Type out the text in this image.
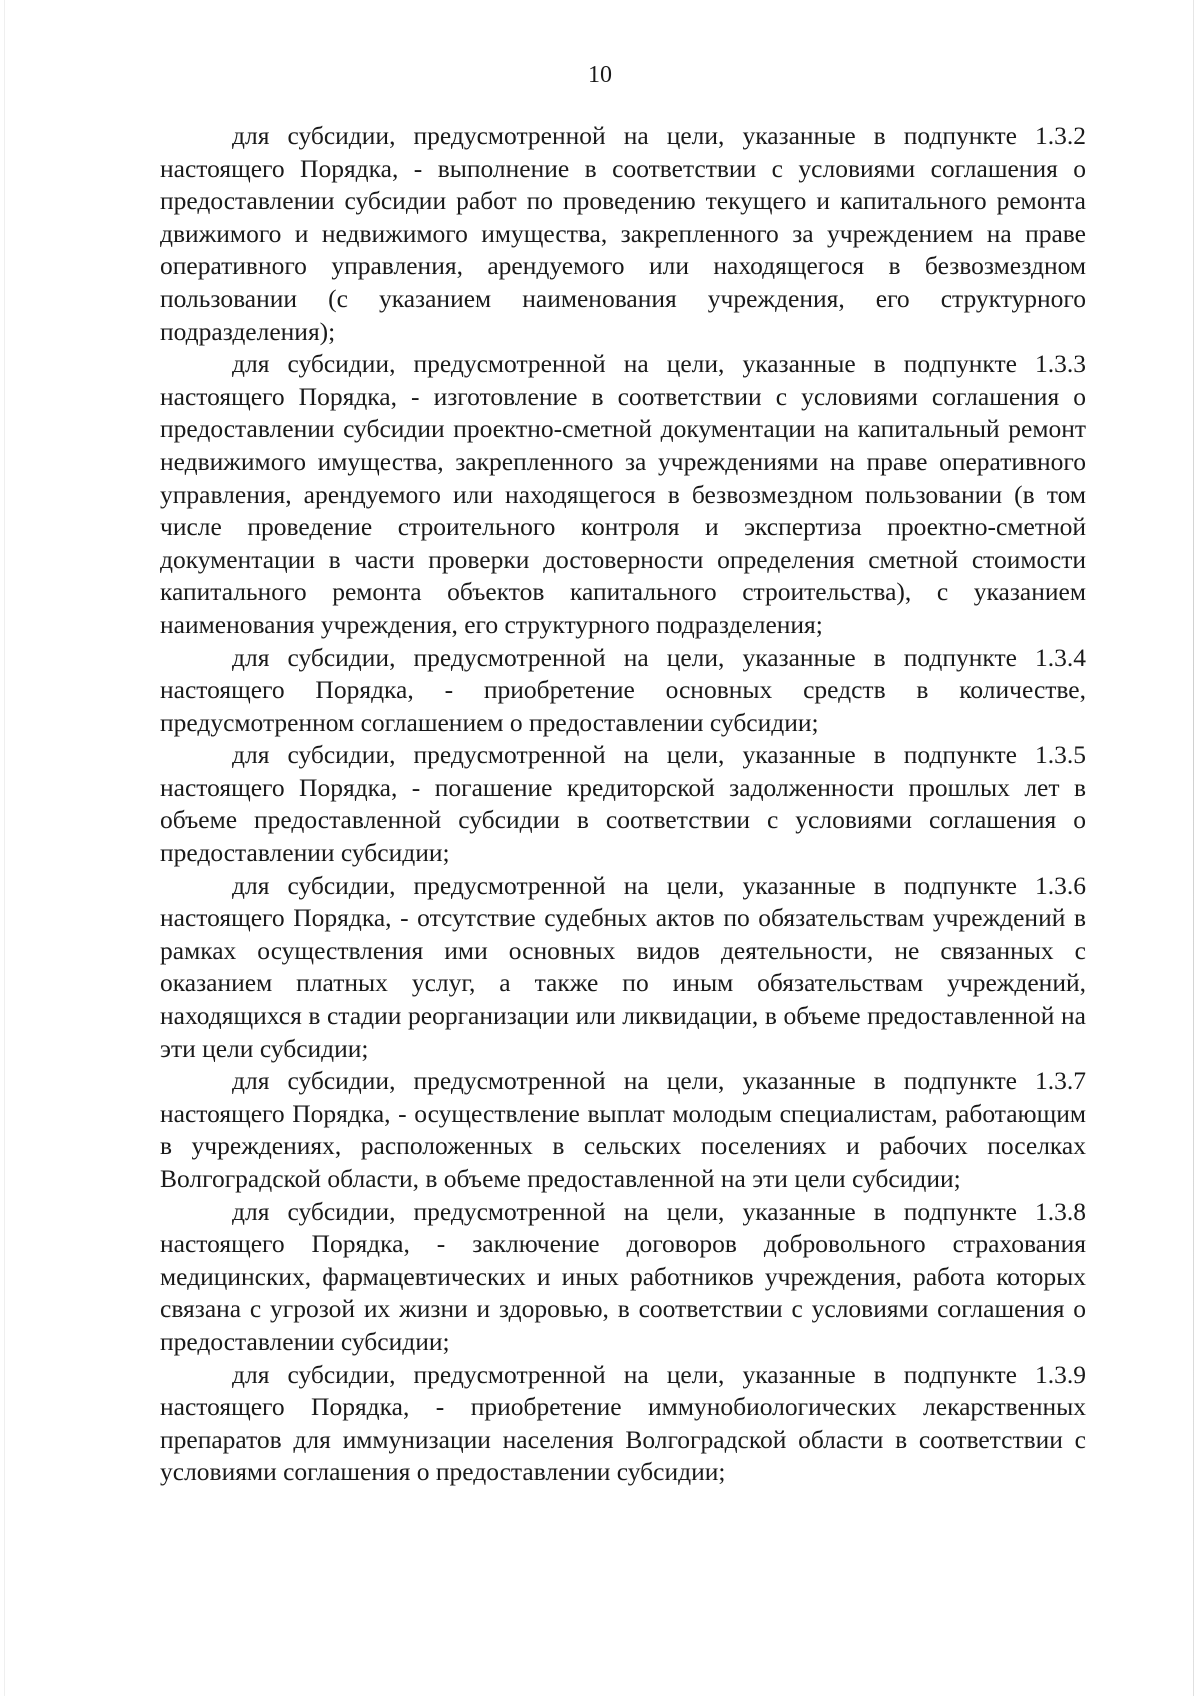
10

для субсидии, предусмотренной на цели, указанные в подпункте 1.3.2 настоящего Порядка, - выполнение в соответствии с условиями соглашения о предоставлении субсидии работ по проведению текущего и капитального ремонта движимого и недвижимого имущества, закрепленного за учреждением на праве оперативного управления, арендуемого или находящегося в безвозмездном пользовании (с указанием наименования учреждения, его структурного подразделения);

для субсидии, предусмотренной на цели, указанные в подпункте 1.3.3 настоящего Порядка, - изготовление в соответствии с условиями соглашения о предоставлении субсидии проектно-сметной документации на капитальный ремонт недвижимого имущества, закрепленного за учреждениями на праве оперативного управления, арендуемого или находящегося в безвозмездном пользовании (в том числе проведение строительного контроля и экспертиза проектно-сметной документации в части проверки достоверности определения сметной стоимости капитального ремонта объектов капитального строительства), с указанием наименования учреждения, его структурного подразделения;

для субсидии, предусмотренной на цели, указанные в подпункте 1.3.4 настоящего Порядка, - приобретение основных средств в количестве, предусмотренном соглашением о предоставлении субсидии;

для субсидии, предусмотренной на цели, указанные в подпункте 1.3.5 настоящего Порядка, - погашение кредиторской задолженности прошлых лет в объеме предоставленной субсидии в соответствии с условиями соглашения о предоставлении субсидии;

для субсидии, предусмотренной на цели, указанные в подпункте 1.3.6 настоящего Порядка, - отсутствие судебных актов по обязательствам учреждений в рамках осуществления ими основных видов деятельности, не связанных с оказанием платных услуг, а также по иным обязательствам учреждений, находящихся в стадии реорганизации или ликвидации, в объеме предоставленной на эти цели субсидии;

для субсидии, предусмотренной на цели, указанные в подпункте 1.3.7 настоящего Порядка, - осуществление выплат молодым специалистам, работающим в учреждениях, расположенных в сельских поселениях и рабочих поселках Волгоградской области, в объеме предоставленной на эти цели субсидии;

для субсидии, предусмотренной на цели, указанные в подпункте 1.3.8 настоящего Порядка, - заключение договоров добровольного страхования медицинских, фармацевтических и иных работников учреждения, работа которых связана с угрозой их жизни и здоровью, в соответствии с условиями соглашения о предоставлении субсидии;

для субсидии, предусмотренной на цели, указанные в подпункте 1.3.9 настоящего Порядка, - приобретение иммунобиологических лекарственных препаратов для иммунизации населения Волгоградской области в соответствии с условиями соглашения о предоставлении субсидии;
